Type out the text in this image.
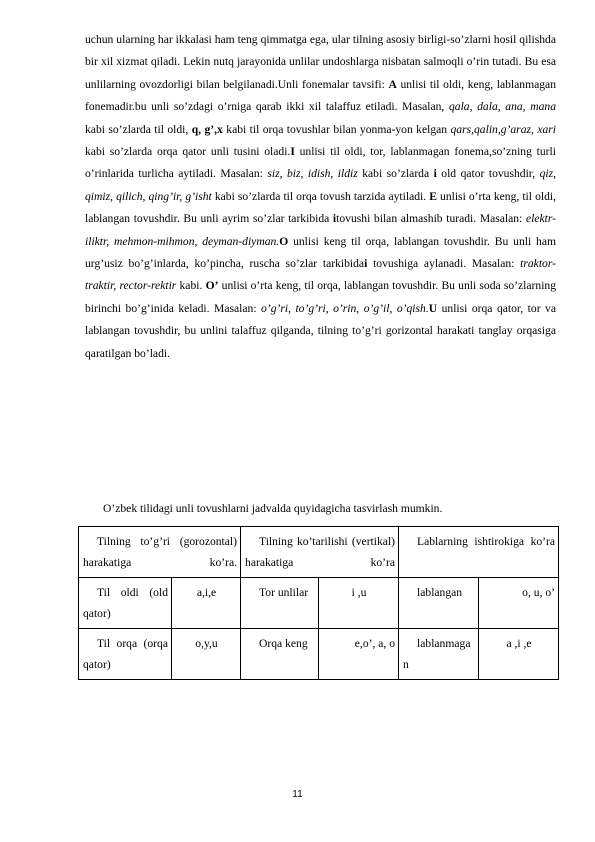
uchun ularning har ikkalasi ham teng qimmatga ega, ular tilning asosiy birligi-so’zlarni hosil qilishda bir xil xizmat qiladi. Lekin nutq jarayonida unlilar undoshlarga nisbatan salmoqli o’rin tutadi. Bu esa unlilarning ovozdorligi bilan belgilanadi.Unli fonemalar tavsifi: A unlisi til oldi, keng, lablanmagan fonemadir.bu unli so’zdagi o’rniga qarab ikki xil talaffuz etiladi. Masalan, qala, dala, ana, mana kabi so’zlarda til oldi, q, g’,x kabi til orqa tovushlar bilan yonma-yon kelgan qars,qalin,g’araz, xari kabi so’zlarda orqa qator unli tusini oladi.I unlisi til oldi, tor, lablanmagan fonema,so’zning turli o’rinlarida turlicha aytiladi. Masalan: siz, biz, idish, ildiz kabi so’zlarda i old qator tovushdir, qiz, qimiz, qilich, qing’ir, g’isht kabi so’zlarda til orqa tovush tarzida aytiladi. E unlisi o’rta keng, til oldi, lablangan tovushdir. Bu unli ayrim so’zlar tarkibida itovushi bilan almashib turadi. Masalan: elektr-iliktr, mehmon-mihmon, deyman-diyman.O unlisi keng til orqa, lablangan tovushdir. Bu unli ham urg’usiz bo’g’inlarda, ko’pincha, ruscha so’zlar tarkibidai tovushiga aylanadi. Masalan: traktor-traktir, rector-rektir kabi. O’ unlisi o’rta keng, til orqa, lablangan tovushdir. Bu unli soda so’zlarning birinchi bo’g’inida keladi. Masalan: o’g’ri, to’g’ri, o’rin, o’g’il, o’qish.U unlisi orqa qator, tor va lablangan tovushdir, bu unlini talaffuz qilganda, tilning to’g’ri gorizontal harakati tanglay orqasiga qaratilgan bo’ladi.

O’zbek tilidagi unli tovushlarni jadvalda quyidagicha tasvirlash mumkin.
Tilning to’g’ri (gorozontal) harakatiga ko’ra.		Tilning ko’tarilishi (vertikal) harakatiga ko’ra		Lablarning ishtirokiga ko’ra	
Til oldi (old qator)	a,i,e	Tor unlilar	i ,u	lablangan	o, u, o’
Til orqa (orqa qator)	o,y,u	Orqa keng	e,o’, a, o	lablanmagan	a ,i ,e
11
